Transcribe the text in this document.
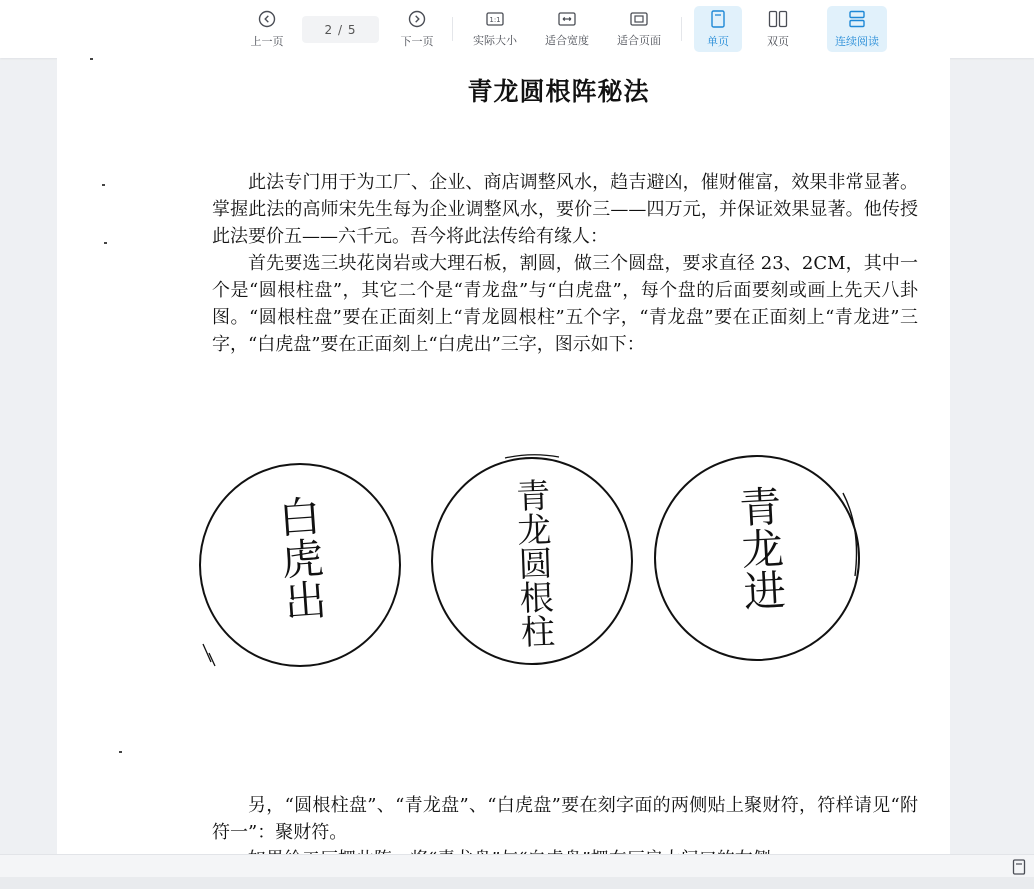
上一页
2 / 5
下一页
1:1
实际大小	适合宽度	适合页面	单页	双页	连续阅读
青龙圆根阵秘法

此法专门用于为工厂、企业、商店调整风水，趋吉避凶，催财催富，效果非常显著。掌握此法的高师宋先生每为企业调整风水，要价三——四万元，并保证效果显著。他传授此法要价五——六千元。吾今将此法传给有缘人：

首先要选三块花岗岩或大理石板，割圆，做三个圆盘，要求直径 23、2CM，其中一个是“圆根柱盘”，其它二个是“青龙盘”与“白虎盘”，每个盘的后面要刻或画上先天八卦图。“圆根柱盘”要在正面刻上“青龙圆根柱”五个字，“青龙盘”要在正面刻上“青龙进”三字，“白虎盘”要在正面刻上“白虎出”三字，图示如下：

白虎出	青龙圆根柱	青龙进

另，“圆根柱盘”、“青龙盘”、“白虎盘”要在刻字面的两侧贴上聚财符，符样请见“附符一”：聚财符。
